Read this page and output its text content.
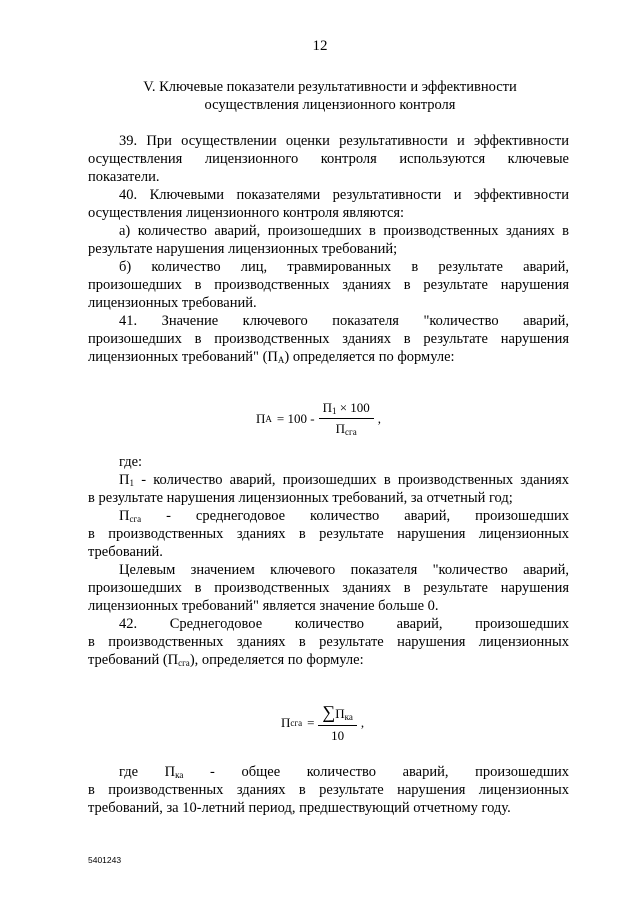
12
V. Ключевые показатели результативности и эффективности
осуществления лицензионного контроля

39. При осуществлении оценки результативности и эффективности

осуществления лицензионного контроля используются ключевые

показатели.

40. Ключевыми показателями результативности и эффективности

осуществления лицензионного контроля являются:

а) количество аварий, произошедших в производственных зданиях в

результате нарушения лицензионных требований;

б) количество лиц, травмированных в результате аварий,

произошедших в производственных зданиях в результате нарушения

лицензионных требований.

41. Значение ключевого показателя "количество аварий,

произошедших в производственных зданиях в результате нарушения

лицензионных требований" $(П_А)$ определяется по формуле:

П $А = 100 - \frac{П_1 \times 100}{П_{сга}}$ ,

где:

$П_1$ - количество аварий, произошедших в производственных зданиях

в результате нарушения лицензионных требований, за отчетный год;

$П_{сга}$ - среднегодовое количество аварий, произошедших

в производственных зданиях в результате нарушения лицензионных

требований.

Целевым значением ключевого показателя "количество аварий,

произошедших в производственных зданиях в результате нарушения

лицензионных требований" является значение больше 0.

42. Среднегодовое количество аварий, произошедших

в производственных зданиях в результате нарушения лицензионных

требований $(П_{сга})$, определяется по формуле:

П сга = $\frac{\sum П_{ка}}{10}$ ,

где $П_{ка}$ - общее количество аварий, произошедших

в производственных зданиях в результате нарушения лицензионных

требований, за 10-летний период, предшествующий отчетному году.

5401243
